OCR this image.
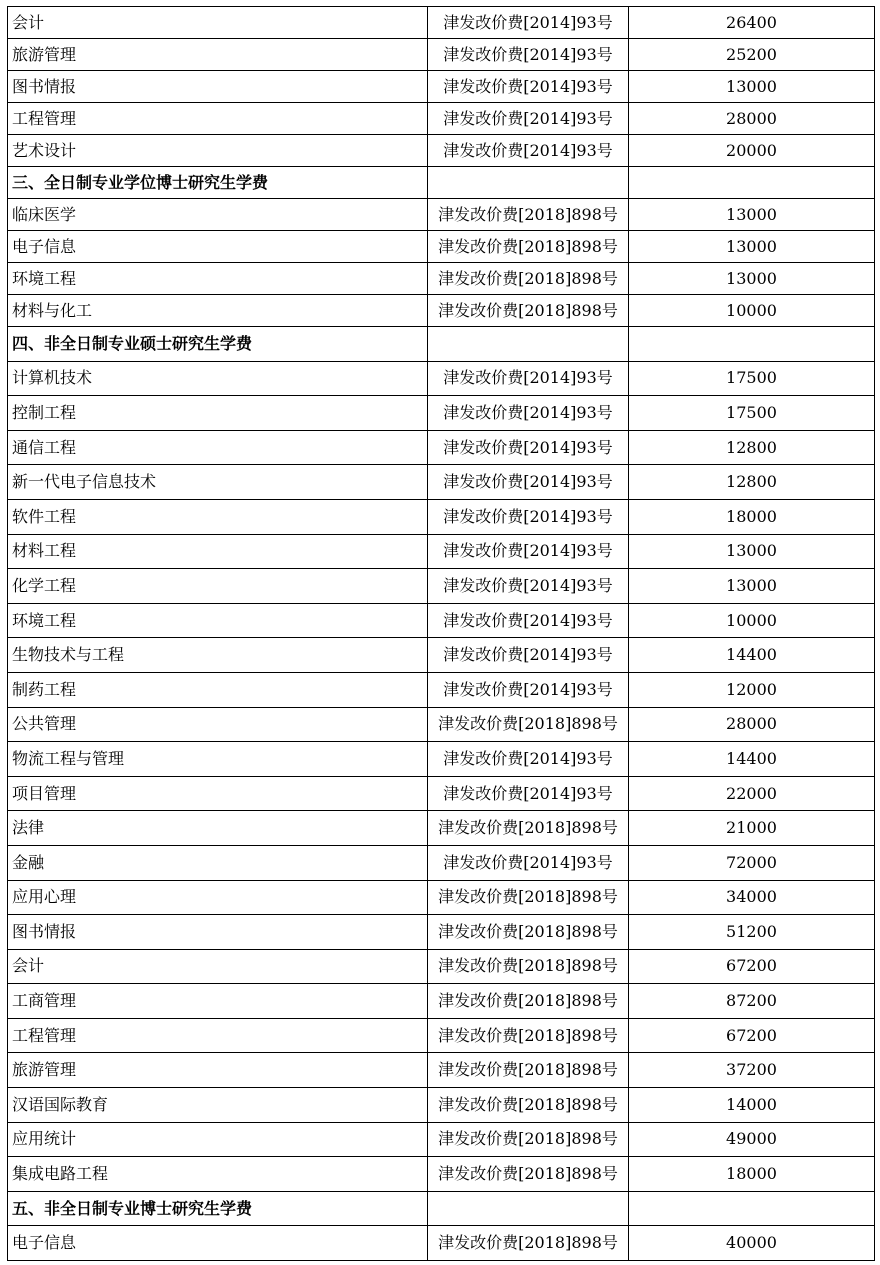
会计	津发改价费[2014]93号	26400
旅游管理	津发改价费[2014]93号	25200
图书情报	津发改价费[2014]93号	13000
工程管理	津发改价费[2014]93号	28000
艺术设计	津发改价费[2014]93号	20000
三、全日制专业学位博士研究生学费		
临床医学	津发改价费[2018]898号	13000
电子信息	津发改价费[2018]898号	13000
环境工程	津发改价费[2018]898号	13000
材料与化工	津发改价费[2018]898号	10000
四、非全日制专业硕士研究生学费		
计算机技术	津发改价费[2014]93号	17500
控制工程	津发改价费[2014]93号	17500
通信工程	津发改价费[2014]93号	12800
新一代电子信息技术	津发改价费[2014]93号	12800
软件工程	津发改价费[2014]93号	18000
材料工程	津发改价费[2014]93号	13000
化学工程	津发改价费[2014]93号	13000
环境工程	津发改价费[2014]93号	10000
生物技术与工程	津发改价费[2014]93号	14400
制药工程	津发改价费[2014]93号	12000
公共管理	津发改价费[2018]898号	28000
物流工程与管理	津发改价费[2014]93号	14400
项目管理	津发改价费[2014]93号	22000
法律	津发改价费[2018]898号	21000
金融	津发改价费[2014]93号	72000
应用心理	津发改价费[2018]898号	34000
图书情报	津发改价费[2018]898号	51200
会计	津发改价费[2018]898号	67200
工商管理	津发改价费[2018]898号	87200
工程管理	津发改价费[2018]898号	67200
旅游管理	津发改价费[2018]898号	37200
汉语国际教育	津发改价费[2018]898号	14000
应用统计	津发改价费[2018]898号	49000
集成电路工程	津发改价费[2018]898号	18000
五、非全日制专业博士研究生学费		
电子信息	津发改价费[2018]898号	40000
